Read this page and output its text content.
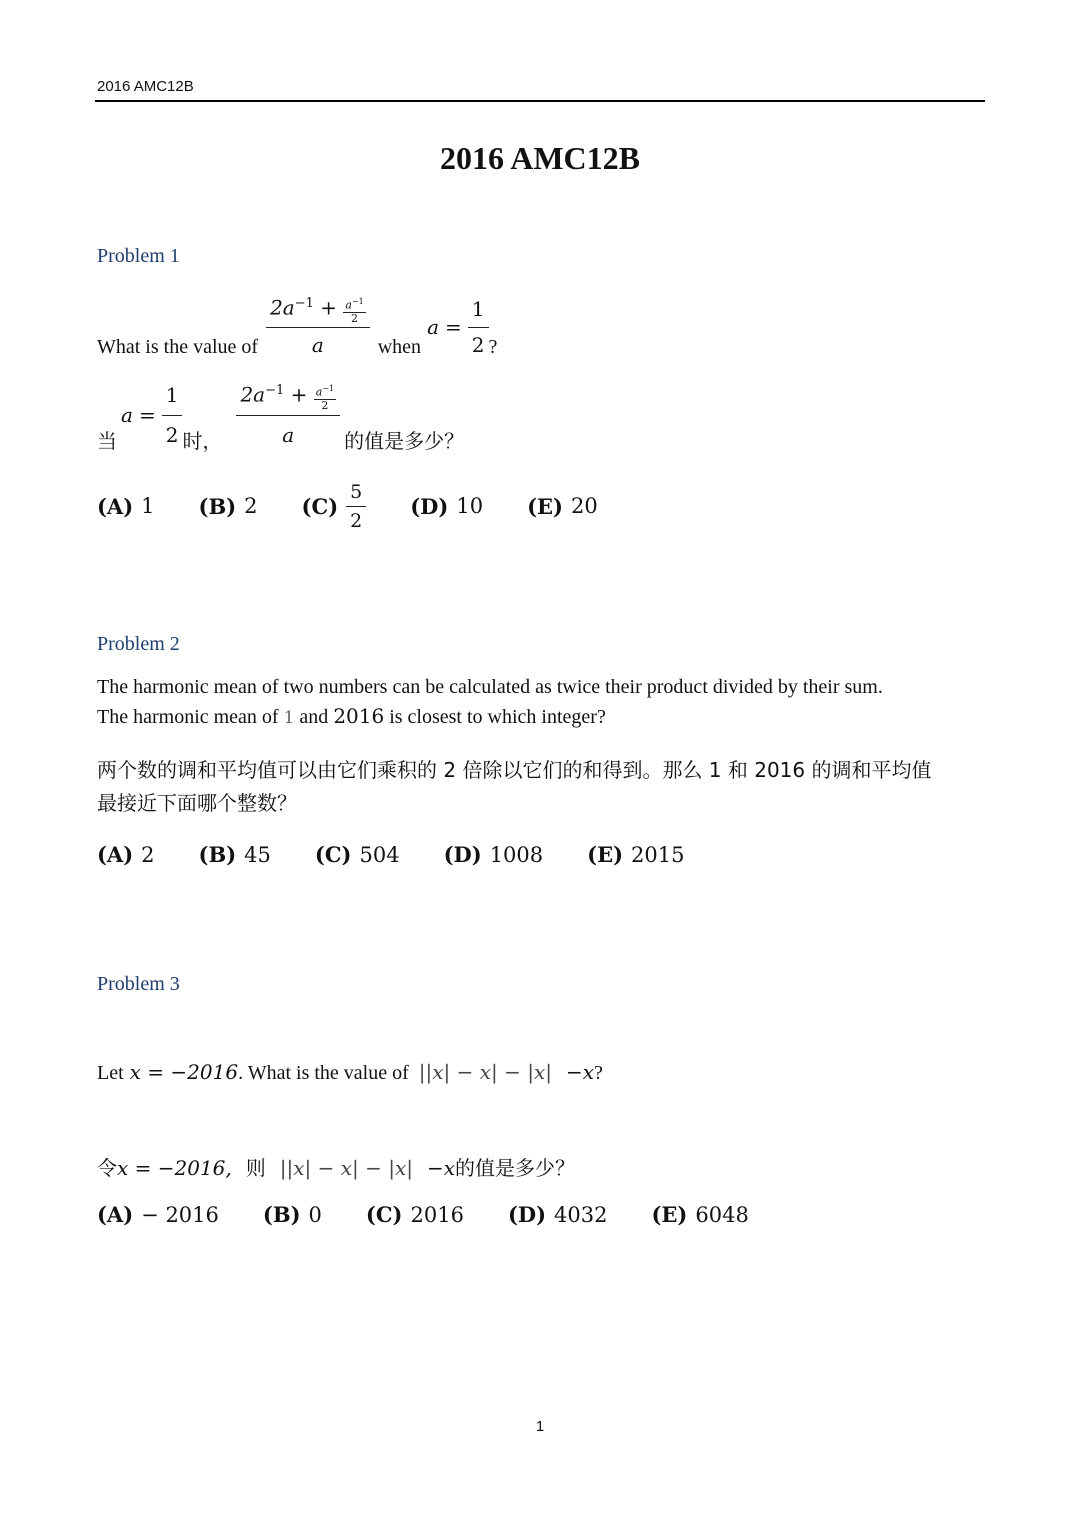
2016 AMC12B
2016 AMC12B
Problem 1
What is the value of $\frac{2a^{-1} + \frac{a^{-1}}{2}}{a}$ when
$a = \frac{1}{2}$ ?
当
$a = \frac{1}{2}$ 时， $\frac{2a^{-1} + \frac{a^{-1}}{2}}{a}$ 的值是多少？
(A) 1 (B) 2 $(C) \frac{5}{2} (D)$ 10 (E) 20
Problem 2
The harmonic mean of two numbers can be calculated as twice their product divided by their sum.
The harmonic mean of 1 and 2016 is closest to which integer?
两个数的调和平均值可以由它们乘积的 2 倍除以它们的和得到。那么 1 和 2016 的调和平均值
最接近下面哪个整数？
(A) 2 (B) 45 (C) 504 (D) 1008 (E) 2015
Problem 3
Let x = −2016 . What is the value of ||x| − x| − |x| −x ?
令 x = −2016, 则 ||x| − x| − |x| −x 的值是多少？
(A) − 2016 (B) 0 (C) 2016 (D) 4032 (E) 6048
1
